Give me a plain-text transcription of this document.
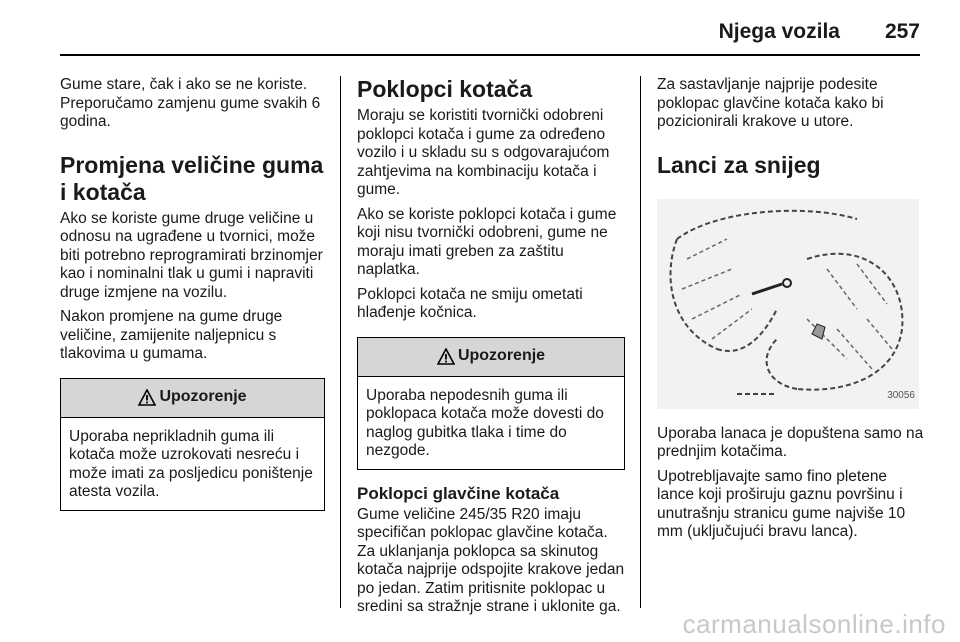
Njega vozila 257

Gume stare, čak i ako se ne koriste. Preporučamo zamjenu gume svakih 6 godina.

Promjena veličine guma i kotača

Ako se koriste gume druge veličine u odnosu na ugrađene u tvornici, može biti potrebno reprogramirati brzinomjer kao i nominalni tlak u gumi i napraviti druge izmjene na vozilu.

Nakon promjene na gume druge veličine, zamijenite naljepnicu s tlakovima u gumama.

Upozorenje
Uporaba neprikladnih guma ili kotača može uzrokovati nesreću i može imati za posljedicu poništenje atesta vozila.
Poklopci kotača

Moraju se koristiti tvornički odobreni poklopci kotača i gume za određeno vozilo i u skladu su s odgovarajućom zahtjevima na kombinaciju kotača i gume.

Ako se koriste poklopci kotača i gume koji nisu tvornički odobreni, gume ne moraju imati greben za zaštitu naplatka.

Poklopci kotača ne smiju ometati hlađenje kočnica.

Upozorenje
Uporaba nepodesnih guma ili poklopaca kotača može dovesti do naglog gubitka tlaka i time do nezgode.
Poklopci glavčine kotača

Gume veličine 245/35 R20 imaju specifičan poklopac glavčine kotača. Za uklanjanja poklopca sa skinutog kotača najprije odspojite krakove jedan po jedan. Zatim pritisnite poklopac u sredini sa stražnje strane i uklonite ga.

Za sastavljanje najprije podesite poklopac glavčine kotača kako bi pozicionirali krakove u utore.

Lanci za snijeg
30056

Uporaba lanaca je dopuštena samo na prednjim kotačima.

Upotrebljavajte samo fino pletene lance koji proširuju gaznu površinu i unutrašnju stranicu gume najviše 10 mm (uključujući bravu lanca).

carmanualsonline.info
